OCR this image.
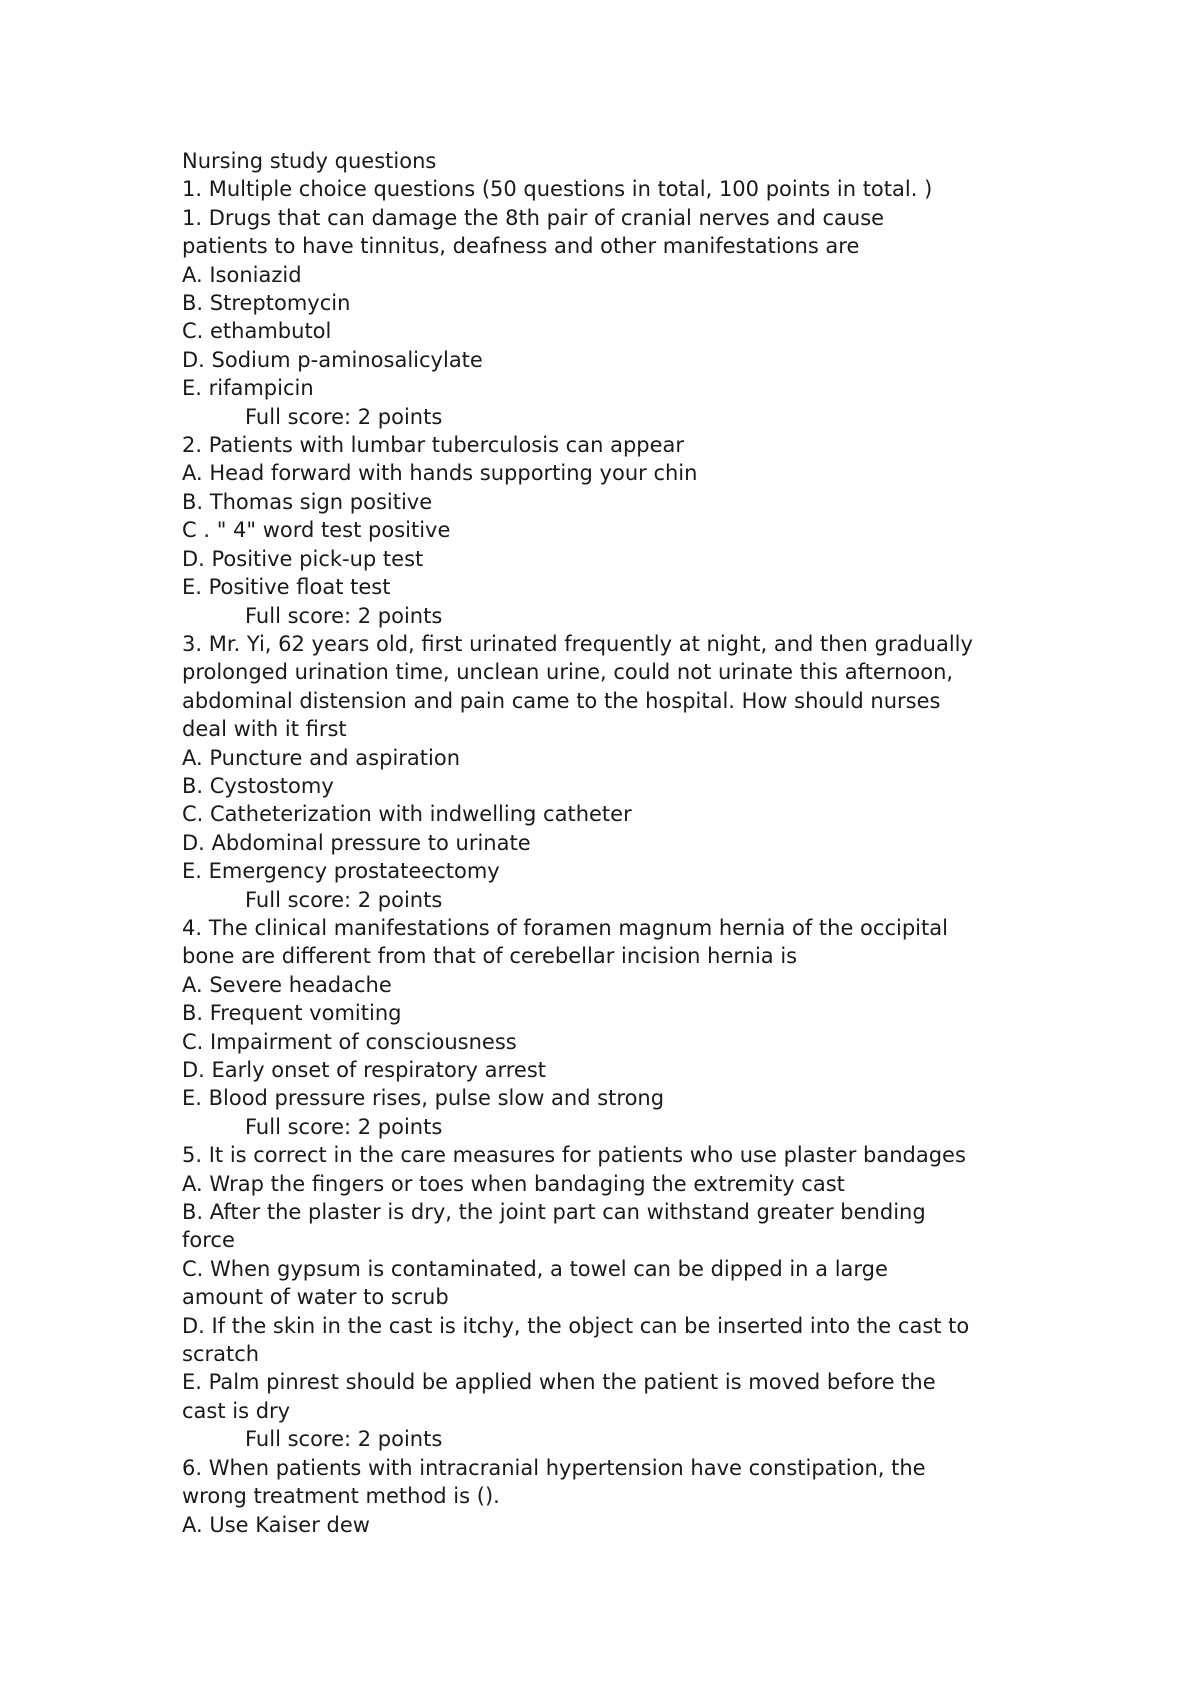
Nursing study questions
1. Multiple choice questions (50 questions in total, 100 points in total. )
1. Drugs that can damage the 8th pair of cranial nerves and cause
patients to have tinnitus, deafness and other manifestations are
A. Isoniazid
B. Streptomycin
C. ethambutol
D. Sodium p-aminosalicylate
E. rifampicin
Full score: 2 points
2. Patients with lumbar tuberculosis can appear
A. Head forward with hands supporting your chin
B. Thomas sign positive
C . " 4" word test positive
D. Positive pick-up test
E. Positive float test
Full score: 2 points
3. Mr. Yi, 62 years old, first urinated frequently at night, and then gradually
prolonged urination time, unclean urine, could not urinate this afternoon,
abdominal distension and pain came to the hospital. How should nurses
deal with it first
A. Puncture and aspiration
B. Cystostomy
C. Catheterization with indwelling catheter
D. Abdominal pressure to urinate
E. Emergency prostateectomy
Full score: 2 points
4. The clinical manifestations of foramen magnum hernia of the occipital
bone are different from that of cerebellar incision hernia is
A. Severe headache
B. Frequent vomiting
C. Impairment of consciousness
D. Early onset of respiratory arrest
E. Blood pressure rises, pulse slow and strong
Full score: 2 points
5. It is correct in the care measures for patients who use plaster bandages
A. Wrap the fingers or toes when bandaging the extremity cast
B. After the plaster is dry, the joint part can withstand greater bending
force
C. When gypsum is contaminated, a towel can be dipped in a large
amount of water to scrub
D. If the skin in the cast is itchy, the object can be inserted into the cast to
scratch
E. Palm pinrest should be applied when the patient is moved before the
cast is dry
Full score: 2 points
6. When patients with intracranial hypertension have constipation, the
wrong treatment method is ().
A. Use Kaiser dew
